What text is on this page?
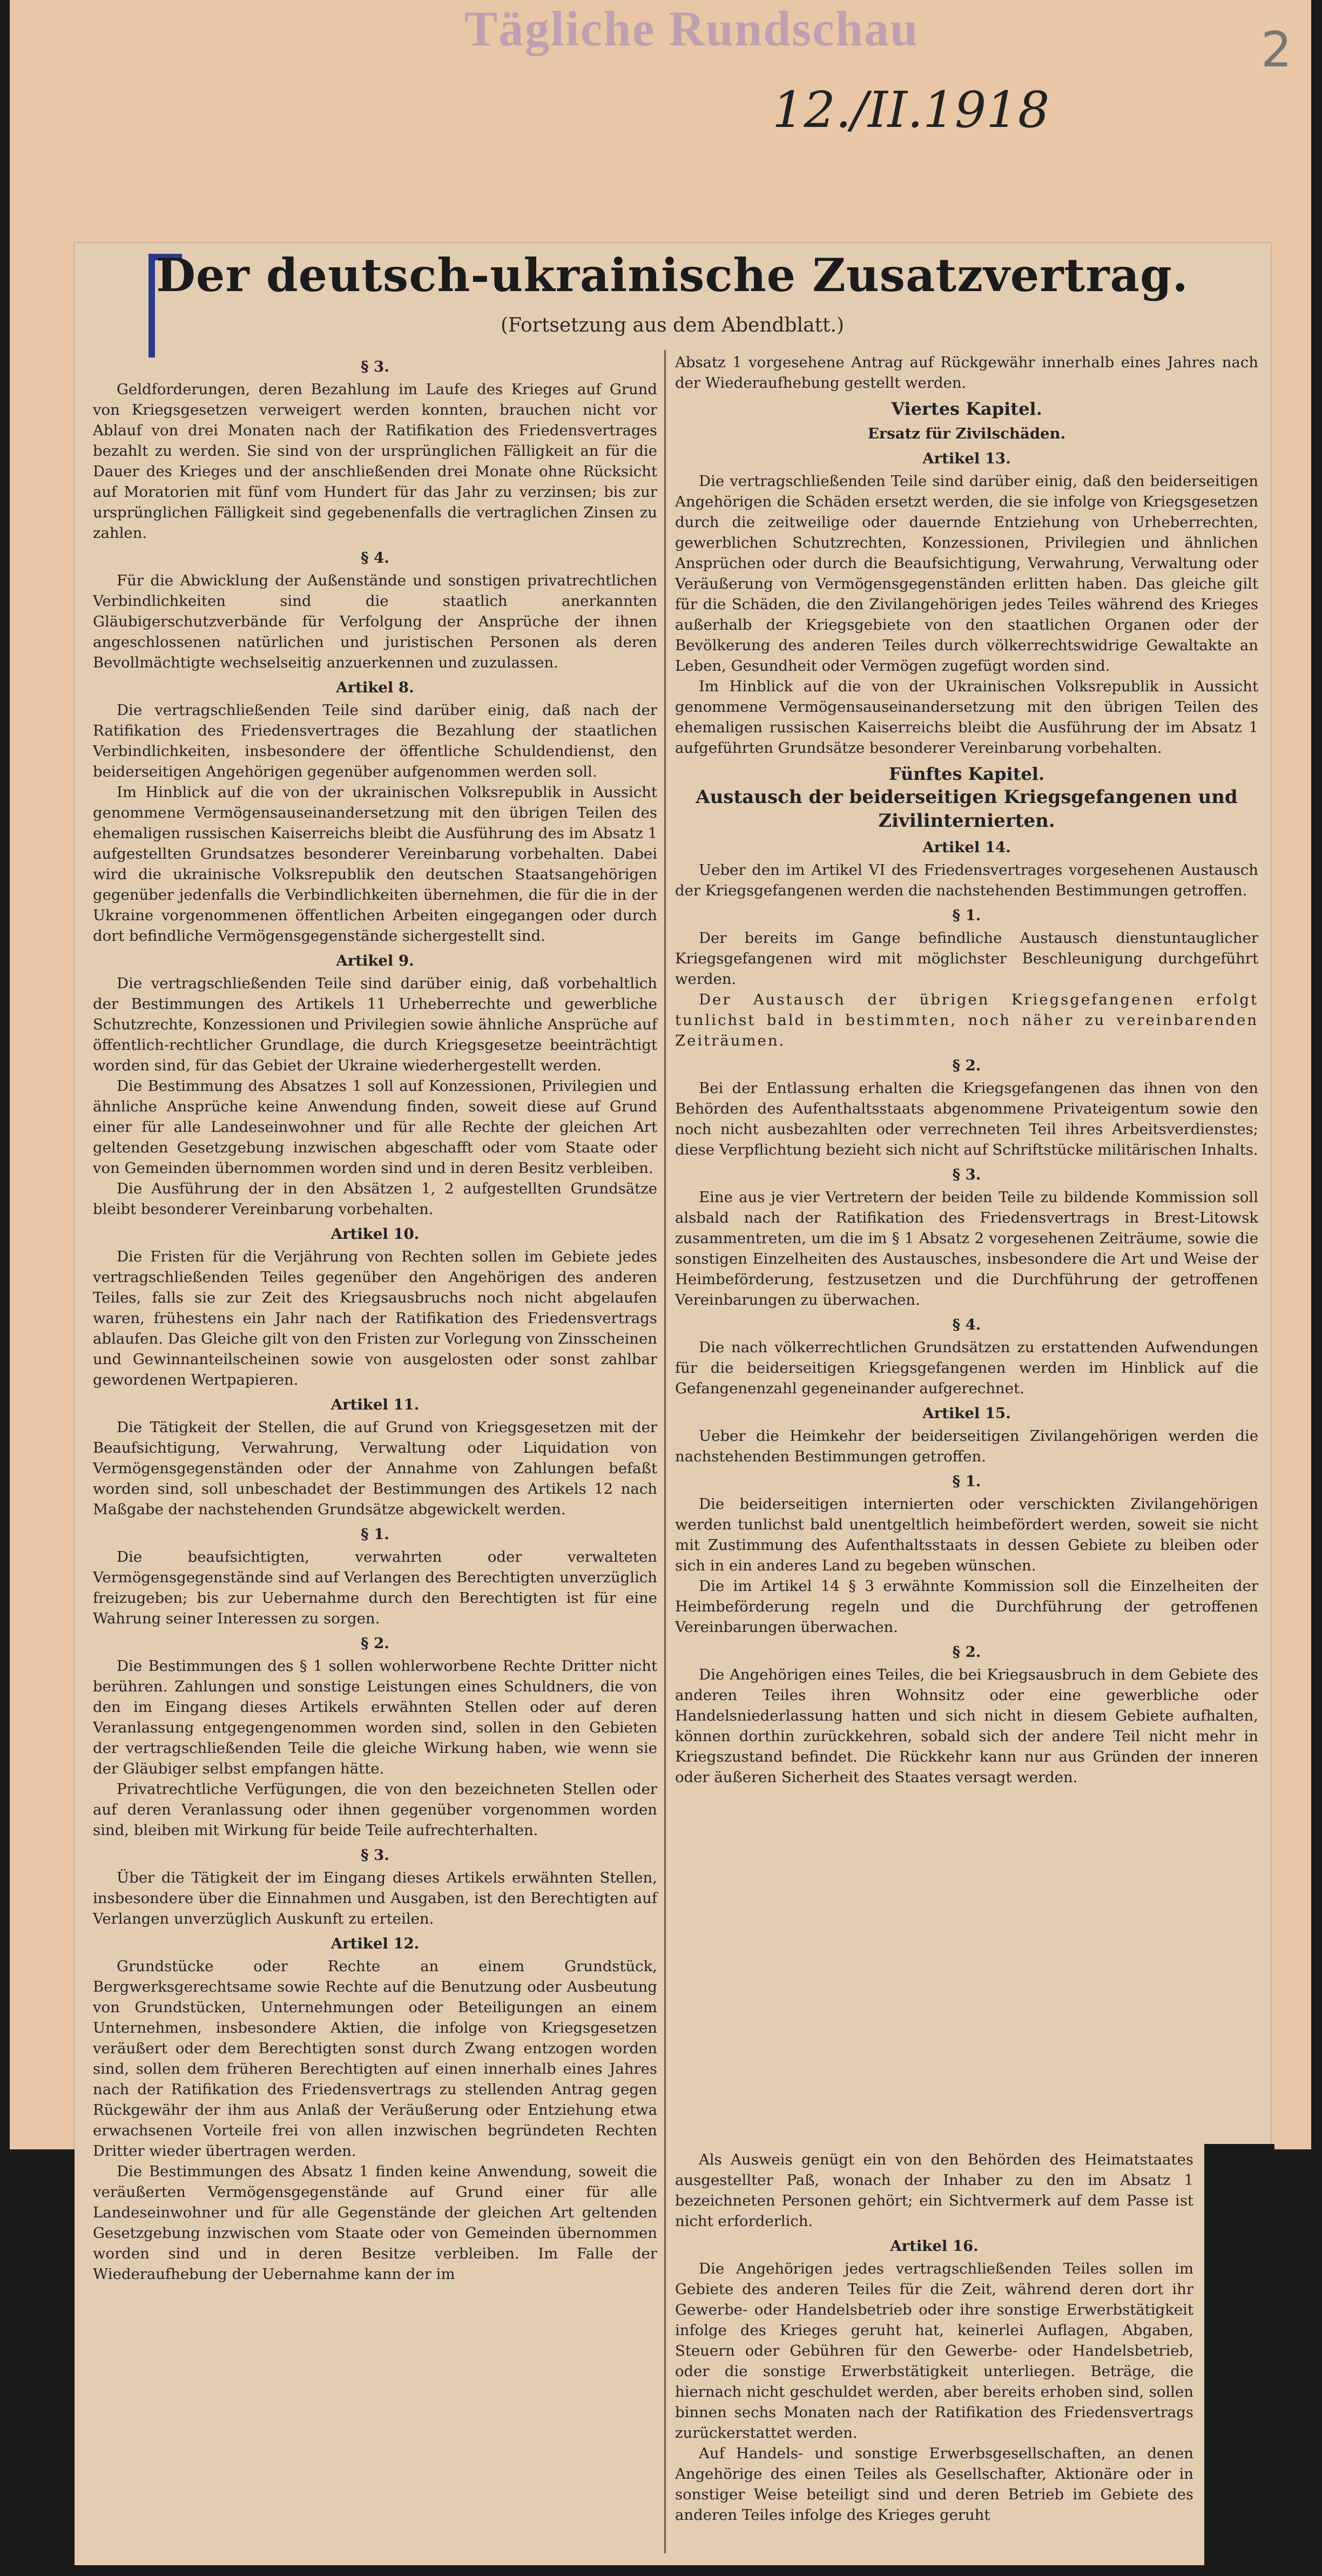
Tägliche Rundschau
12./II.1918
2
Der deutsch-ukrainische Zusatzvertrag.
(Fortsetzung aus dem Abendblatt.)
§ 3.

Geldforderungen, deren Bezahlung im Laufe des Krieges auf Grund von Kriegsgesetzen verweigert werden konnten, brauchen nicht vor Ablauf von drei Monaten nach der Ratifikation des Friedensvertrages bezahlt zu werden. Sie sind von der ursprünglichen Fälligkeit an für die Dauer des Krieges und der anschließenden drei Monate ohne Rücksicht auf Moratorien mit fünf vom Hundert für das Jahr zu verzinsen; bis zur ursprünglichen Fälligkeit sind gegebenenfalls die vertraglichen Zinsen zu zahlen.

§ 4.

Für die Abwicklung der Außenstände und sonstigen privatrechtlichen Verbindlichkeiten sind die staatlich anerkannten Gläubigerschutzverbände für Verfolgung der Ansprüche der ihnen angeschlossenen natürlichen und juristischen Personen als deren Bevollmächtigte wechselseitig anzuerkennen und zuzulassen.

Artikel 8.

Die vertragschließenden Teile sind darüber einig, daß nach der Ratifikation des Friedensvertrages die Bezahlung der staatlichen Verbindlichkeiten, insbesondere der öffentliche Schuldendienst, den beiderseitigen Angehörigen gegenüber aufgenommen werden soll.

Im Hinblick auf die von der ukrainischen Volksrepublik in Aussicht genommene Vermögensauseinandersetzung mit den übrigen Teilen des ehemaligen russischen Kaiserreichs bleibt die Ausführung des im Absatz 1 aufgestellten Grundsatzes besonderer Vereinbarung vorbehalten. Dabei wird die ukrainische Volksrepublik den deutschen Staatsangehörigen gegenüber jedenfalls die Verbindlichkeiten übernehmen, die für die in der Ukraine vorgenommenen öffentlichen Arbeiten eingegangen oder durch dort befindliche Vermögensgegenstände sichergestellt sind.

Artikel 9.

Die vertragschließenden Teile sind darüber einig, daß vorbehaltlich der Bestimmungen des Artikels 11 Urheberrechte und gewerbliche Schutzrechte, Konzessionen und Privilegien sowie ähnliche Ansprüche auf öffentlich-rechtlicher Grundlage, die durch Kriegsgesetze beeinträchtigt worden sind, für das Gebiet der Ukraine wiederhergestellt werden.

Die Bestimmung des Absatzes 1 soll auf Konzessionen, Privilegien und ähnliche Ansprüche keine Anwendung finden, soweit diese auf Grund einer für alle Landeseinwohner und für alle Rechte der gleichen Art geltenden Gesetzgebung inzwischen abgeschafft oder vom Staate oder von Gemeinden übernommen worden sind und in deren Besitz verbleiben.

Die Ausführung der in den Absätzen 1, 2 aufgestellten Grundsätze bleibt besonderer Vereinbarung vorbehalten.

Artikel 10.

Die Fristen für die Verjährung von Rechten sollen im Gebiete jedes vertragschließenden Teiles gegenüber den Angehörigen des anderen Teiles, falls sie zur Zeit des Kriegsausbruchs noch nicht abgelaufen waren, frühestens ein Jahr nach der Ratifikation des Friedensvertrags ablaufen. Das Gleiche gilt von den Fristen zur Vorlegung von Zinsscheinen und Gewinnanteilscheinen sowie von ausgelosten oder sonst zahlbar gewordenen Wertpapieren.

Artikel 11.

Die Tätigkeit der Stellen, die auf Grund von Kriegsgesetzen mit der Beaufsichtigung, Verwahrung, Verwaltung oder Liquidation von Vermögensgegenständen oder der Annahme von Zahlungen befaßt worden sind, soll unbeschadet der Bestimmungen des Artikels 12 nach Maßgabe der nachstehenden Grundsätze abgewickelt werden.

§ 1.

Die beaufsichtigten, verwahrten oder verwalteten Vermögensgegenstände sind auf Verlangen des Berechtigten unverzüglich freizugeben; bis zur Uebernahme durch den Berechtigten ist für eine Wahrung seiner Interessen zu sorgen.

§ 2.

Die Bestimmungen des § 1 sollen wohlerworbene Rechte Dritter nicht berühren. Zahlungen und sonstige Leistungen eines Schuldners, die von den im Eingang dieses Artikels erwähnten Stellen oder auf deren Veranlassung entgegengenommen worden sind, sollen in den Gebieten der vertragschließenden Teile die gleiche Wirkung haben, wie wenn sie der Gläubiger selbst empfangen hätte.

Privatrechtliche Verfügungen, die von den bezeichneten Stellen oder auf deren Veranlassung oder ihnen gegenüber vorgenommen worden sind, bleiben mit Wirkung für beide Teile aufrechterhalten.

§ 3.

Über die Tätigkeit der im Eingang dieses Artikels erwähnten Stellen, insbesondere über die Einnahmen und Ausgaben, ist den Berechtigten auf Verlangen unverzüglich Auskunft zu erteilen.

Artikel 12.

Grundstücke oder Rechte an einem Grundstück, Bergwerksgerechtsame sowie Rechte auf die Benutzung oder Ausbeutung von Grundstücken, Unternehmungen oder Beteiligungen an einem Unternehmen, insbesondere Aktien, die infolge von Kriegsgesetzen veräußert oder dem Berechtigten sonst durch Zwang entzogen worden sind, sollen dem früheren Berechtigten auf einen innerhalb eines Jahres nach der Ratifikation des Friedensvertrags zu stellenden Antrag gegen Rückgewähr der ihm aus Anlaß der Veräußerung oder Entziehung etwa erwachsenen Vorteile frei von allen inzwischen begründeten Rechten Dritter wieder übertragen werden.

Die Bestimmungen des Absatz 1 finden keine Anwendung, soweit die veräußerten Vermögensgegenstände auf Grund einer für alle Landeseinwohner und für alle Gegenstände der gleichen Art geltenden Gesetzgebung inzwischen vom Staate oder von Gemeinden übernommen worden sind und in deren Besitze verbleiben. Im Falle der Wiederaufhebung der Uebernahme kann der im

Absatz 1 vorgesehene Antrag auf Rückgewähr innerhalb eines Jahres nach der Wiederaufhebung gestellt werden.

Viertes Kapitel.
Ersatz für Zivilschäden.
Artikel 13.

Die vertragschließenden Teile sind darüber einig, daß den beiderseitigen Angehörigen die Schäden ersetzt werden, die sie infolge von Kriegsgesetzen durch die zeitweilige oder dauernde Entziehung von Urheberrechten, gewerblichen Schutzrechten, Konzessionen, Privilegien und ähnlichen Ansprüchen oder durch die Beaufsichtigung, Verwahrung, Verwaltung oder Veräußerung von Vermögensgegenständen erlitten haben. Das gleiche gilt für die Schäden, die den Zivilangehörigen jedes Teiles während des Krieges außerhalb der Kriegsgebiete von den staatlichen Organen oder der Bevölkerung des anderen Teiles durch völkerrechtswidrige Gewaltakte an Leben, Gesundheit oder Vermögen zugefügt worden sind.

Im Hinblick auf die von der Ukrainischen Volksrepublik in Aussicht genommene Vermögensauseinandersetzung mit den übrigen Teilen des ehemaligen russischen Kaiserreichs bleibt die Ausführung der im Absatz 1 aufgeführten Grundsätze besonderer Vereinbarung vorbehalten.

Fünftes Kapitel.
Austausch der beiderseitigen Kriegsgefangenen und Zivilinternierten.
Artikel 14.

Ueber den im Artikel VI des Friedensvertrages vorgesehenen Austausch der Kriegsgefangenen werden die nachstehenden Bestimmungen getroffen.

§ 1.

Der bereits im Gange befindliche Austausch dienstuntauglicher Kriegsgefangenen wird mit möglichster Beschleunigung durchgeführt werden.

Der Austausch der übrigen Kriegsgefangenen erfolgt tunlichst bald in bestimmten, noch näher zu vereinbarenden Zeiträumen.

§ 2.

Bei der Entlassung erhalten die Kriegsgefangenen das ihnen von den Behörden des Aufenthaltsstaats abgenommene Privateigentum sowie den noch nicht ausbezahlten oder verrechneten Teil ihres Arbeitsverdienstes; diese Verpflichtung bezieht sich nicht auf Schriftstücke militärischen Inhalts.

§ 3.

Eine aus je vier Vertretern der beiden Teile zu bildende Kommission soll alsbald nach der Ratifikation des Friedensvertrags in Brest-Litowsk zusammentreten, um die im § 1 Absatz 2 vorgesehenen Zeiträume, sowie die sonstigen Einzelheiten des Austausches, insbesondere die Art und Weise der Heimbeförderung, festzusetzen und die Durchführung der getroffenen Vereinbarungen zu überwachen.

§ 4.

Die nach völkerrechtlichen Grundsätzen zu erstattenden Aufwendungen für die beiderseitigen Kriegsgefangenen werden im Hinblick auf die Gefangenenzahl gegeneinander aufgerechnet.

Artikel 15.

Ueber die Heimkehr der beiderseitigen Zivilangehörigen werden die nachstehenden Bestimmungen getroffen.

§ 1.

Die beiderseitigen internierten oder verschickten Zivilangehörigen werden tunlichst bald unentgeltlich heimbefördert werden, soweit sie nicht mit Zustimmung des Aufenthaltsstaats in dessen Gebiete zu bleiben oder sich in ein anderes Land zu begeben wünschen.

Die im Artikel 14 § 3 erwähnte Kommission soll die Einzelheiten der Heimbeförderung regeln und die Durchführung der getroffenen Vereinbarungen überwachen.

§ 2.

Die Angehörigen eines Teiles, die bei Kriegsausbruch in dem Gebiete des anderen Teiles ihren Wohnsitz oder eine gewerbliche oder Handelsniederlassung hatten und sich nicht in diesem Gebiete aufhalten, können dorthin zurückkehren, sobald sich der andere Teil nicht mehr in Kriegszustand befindet. Die Rückkehr kann nur aus Gründen der inneren oder äußeren Sicherheit des Staates versagt werden.

Als Ausweis genügt ein von den Behörden des Heimatstaates ausgestellter Paß, wonach der Inhaber zu den im Absatz 1 bezeichneten Personen gehört; ein Sichtvermerk auf dem Passe ist nicht erforderlich.

Artikel 16.

Die Angehörigen jedes vertragschließenden Teiles sollen im Gebiete des anderen Teiles für die Zeit, während deren dort ihr Gewerbe- oder Handelsbetrieb oder ihre sonstige Erwerbstätigkeit infolge des Krieges geruht hat, keinerlei Auflagen, Abgaben, Steuern oder Gebühren für den Gewerbe- oder Handelsbetrieb, oder die sonstige Erwerbstätigkeit unterliegen. Beträge, die hiernach nicht geschuldet werden, aber bereits erhoben sind, sollen binnen sechs Monaten nach der Ratifikation des Friedensvertrags zurückerstattet werden.

Auf Handels- und sonstige Erwerbsgesellschaften, an denen Angehörige des einen Teiles als Gesellschafter, Aktionäre oder in sonstiger Weise beteiligt sind und deren Betrieb im Gebiete des anderen Teiles infolge des Krieges geruht
